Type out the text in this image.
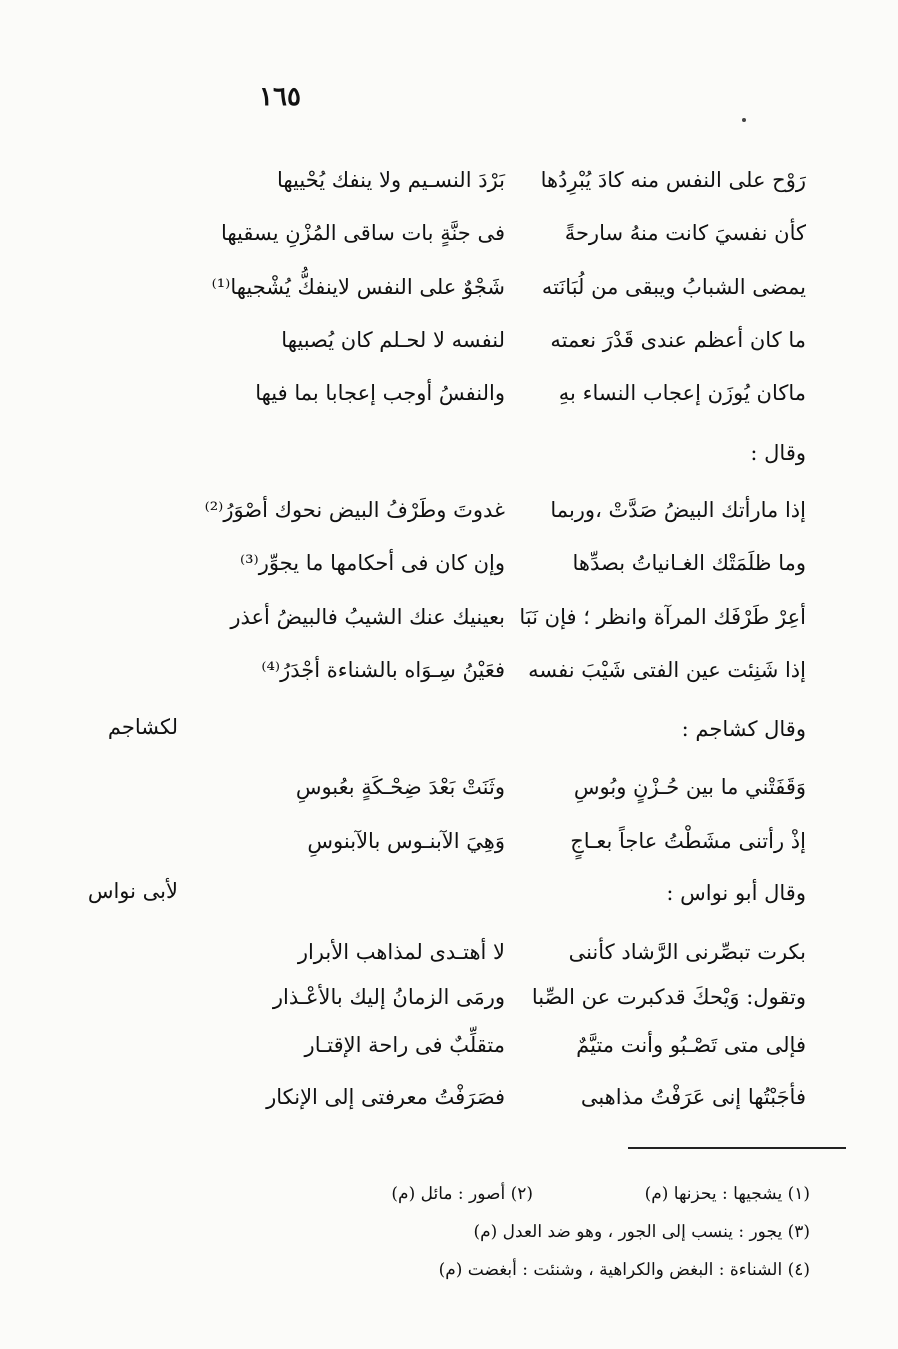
١٦٥
رَوْح على النفس منه كادَ يُبْرِدُها
بَرْدَ النسـيم ولا ينفك يُحْييها
كأن نفسيَ كانت منهُ سارحةً
فى جنَّةٍ بات ساقى المُزْنِ يسقيها
يمضى الشبابُ ويبقى من لُبَانَته
شَجْوٌ على النفس لاينفكُّ يُشْجيها⁽¹⁾
ما كان أعظم عندى قَدْرَ نعمته
لنفسه لا لحـلم كان يُصبيها
ماكان يُوزَن إعجاب النساء بهِ
والنفسُ أوجب إعجابا بما فيها
وقال :
إذا مارأتك البيضُ صَدَّتْ ،وربما
غدوتَ وطَرْفُ البيض نحوك أصْوَرُ⁽²⁾
وما ظلَمَتْك الغـانياتُ بصدِّها
وإن كان فى أحكامها ما يجوِّر⁽³⁾
أعِرْ طَرْفَك المرآة وانظر ؛ فإن نَبَا
بعينيك عنك الشيبُ فالبيضُ أعذر
إذا شَنِئت عين الفتى شَيْبَ نفسه
فعَيْنُ سِـوَاه بالشناءة أجْدَرُ⁽⁴⁾
وقال كشاجم :
لكشاجم
وَقَفَتْني ما بين حُـزْنٍ وبُوسِ
وثَنَتْ بَعْدَ ضِحْـكَةٍ بعُبوسِ
إذْ رأتنى مشَطْتُ عاجاً بعـاجٍ
وَهِيَ الآبنـوس بالآبنوسِ
وقال أبو نواس :
لأبى نواس
بكرت تبصِّرنى الرَّشاد كأننى
لا أهتـدى لمذاهب الأبرار
وتقول: وَيْحكَ قدكبرت عن الصِّبا
ورمَى الزمانُ إليك بالأعْـذار
فإلى متى تَصْـبُو وأنت متيَّمٌ
متقلِّبٌ فى راحة الإقتـار
فأجَبْتُها إنى عَرَفْتُ مذاهبى
فصَرَفْتُ معرفتى إلى الإنكار
(١) يشجيها : يحزنها (م)
(٢) أصور : مائل (م)
(٣) يجور : ينسب إلى الجور ، وهو ضد العدل (م)
(٤) الشناءة : البغض والكراهية ، وشنئت : أبغضت (م)
